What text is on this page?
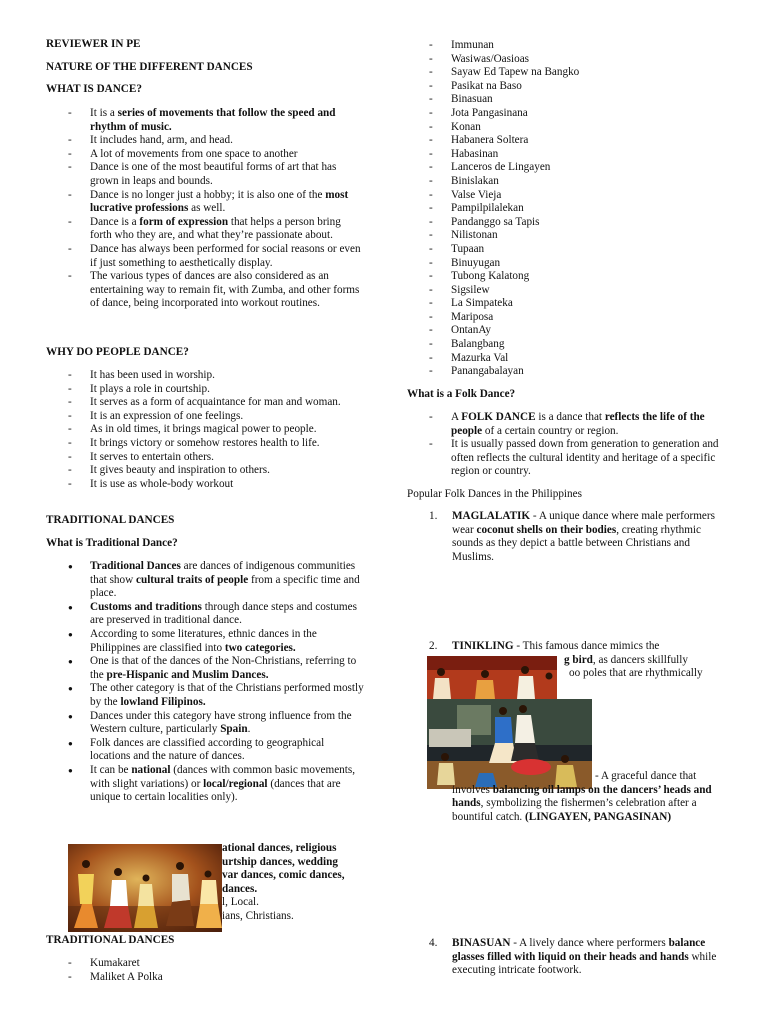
REVIEWER IN PE
NATURE OF THE DIFFERENT DANCES
WHAT IS DANCE?
- It is a series of movements that follow the speed and rhythm of music.
- It includes hand, arm, and head.
- A lot of movements from one space to another
- Dance is one of the most beautiful forms of art that has grown in leaps and bounds.
- Dance is no longer just a hobby; it is also one of the most lucrative professions as well.
- Dance is a form of expression that helps a person bring forth who they are, and what they’re passionate about.
- Dance has always been performed for social reasons or even if just something to aesthetically display.
- The various types of dances are also considered as an entertaining way to remain fit, with Zumba, and other forms of dance, being incorporated into workout routines.
WHY DO PEOPLE DANCE?
- It has been used in worship.
- It plays a role in courtship.
- It serves as a form of acquaintance for man and woman.
- It is an expression of one feelings.
- As in old times, it brings magical power to people.
- It brings victory or somehow restores health to life.
- It serves to entertain others.
- It gives beauty and inspiration to others.
- It is use as whole-body workout
TRADITIONAL DANCES
What is Traditional Dance?
● Traditional Dances are dances of indigenous communities that show cultural traits of people from a specific time and place.
● Customs and traditions through dance steps and costumes are preserved in traditional dance.
● According to some literatures, ethnic dances in the Philippines are classified into two categories.
● One is that of the dances of the Non-Christians, referring to the pre-Hispanic and Muslim Dances.
● The other category is that of the Christians performed mostly by the lowland Filipinos.
● Dances under this category have strong influence from the Western culture, particularly Spain.
● Folk dances are classified according to geographical locations and the nature of dances.
● It can be national (dances with common basic movements, with slight variations) or local/regional (dances that are unique to certain localities only).
ational dances, religious
urtship dances, wedding
var dances, comic dances,
dances.
l, Local.
ians, Christians.
TRADITIONAL DANCES
- Kumakaret
- Maliket A Polka
- Immunan
- Wasiwas/Oasioas
- Sayaw Ed Tapew na Bangko
- Pasikat na Baso
- Binasuan
- Jota Pangasinana
- Konan
- Habanera Soltera
- Habasinan
- Lanceros de Lingayen
- Binislakan
- Valse Vieja
- Pampilpilalekan
- Pandanggo sa Tapis
- Nilistonan
- Tupaan
- Binuyugan
- Tubong Kalatong
- Sigsilew
- La Simpateka
- Mariposa
- OntanAy
- Balangbang
- Mazurka Val
- Panangabalayan
What is a Folk Dance?
- A FOLK DANCE is a dance that reflects the life of the people of a certain country or region.
- It is usually passed down from generation to generation and often reflects the cultural identity and heritage of a specific region or country.
Popular Folk Dances in the Philippines
1. MAGLALATIK - A unique dance where male performers wear coconut shells on their bodies, creating rhythmic sounds as they depict a battle between Christians and Muslims.
2. TINIKLING - This famous dance mimics the
g bird, as dancers skillfully
oo poles that are rhythmically
- A graceful dance that
involves balancing oil lamps on the dancers’ heads and hands, symbolizing the fishermen’s celebration after a bountiful catch. (LINGAYEN, PANGASINAN)
4. BINASUAN - A lively dance where performers balance glasses filled with liquid on their heads and hands while executing intricate footwork.
